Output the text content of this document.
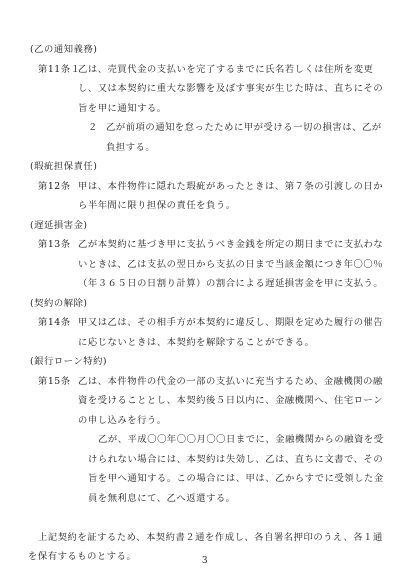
(乙の通知義務)
第11条１
乙は、売買代金の支払いを完了するまでに氏名若しくは住所を変更し、又は本契約に重大な影響を及ぼす事実が生じた時は、直ちにその旨を甲に通知する。
２ 乙が前項の通知を怠ったために甲が受ける一切の損害は、乙が負担する。
(瑕疵担保責任)
第12条 甲は、本件物件に隠れた瑕疵があったときは、第７条の引渡しの日から半年間に限り担保の責任を負う。
(遅延損害金)
第13条 乙が本契約に基づき甲に支払うべき金銭を所定の期日までに支払わないときは、乙は支払の翌日から支払の日まで当該金額につき年〇〇％（年３６５日の日割り計算）の割合による遅延損害金を甲に支払う。
(契約の解除)
第14条 甲又は乙は、その相手方が本契約に違反し、期限を定めた履行の催告に応じないときは、本契約を解除することができる。
(銀行ローン特約)
第15条 乙は、本件物件の代金の一部の支払いに充当するため、金融機関の融資を受けることとし、本契約後５日以内に、金融機関へ、住宅ローンの申し込みを行う。
乙が、平成〇〇年〇〇月〇〇日までに、金融機関からの融資を受けられない場合には、本契約は失効し、乙は、直ちに文書で、その旨を甲へ通知する。この場合には、甲は、乙からすでに受領した金員を無利息にて、乙へ返還する。
上記契約を証するため、本契約書２通を作成し、各自署名押印のうえ、各１通を保有するものとする。	3
